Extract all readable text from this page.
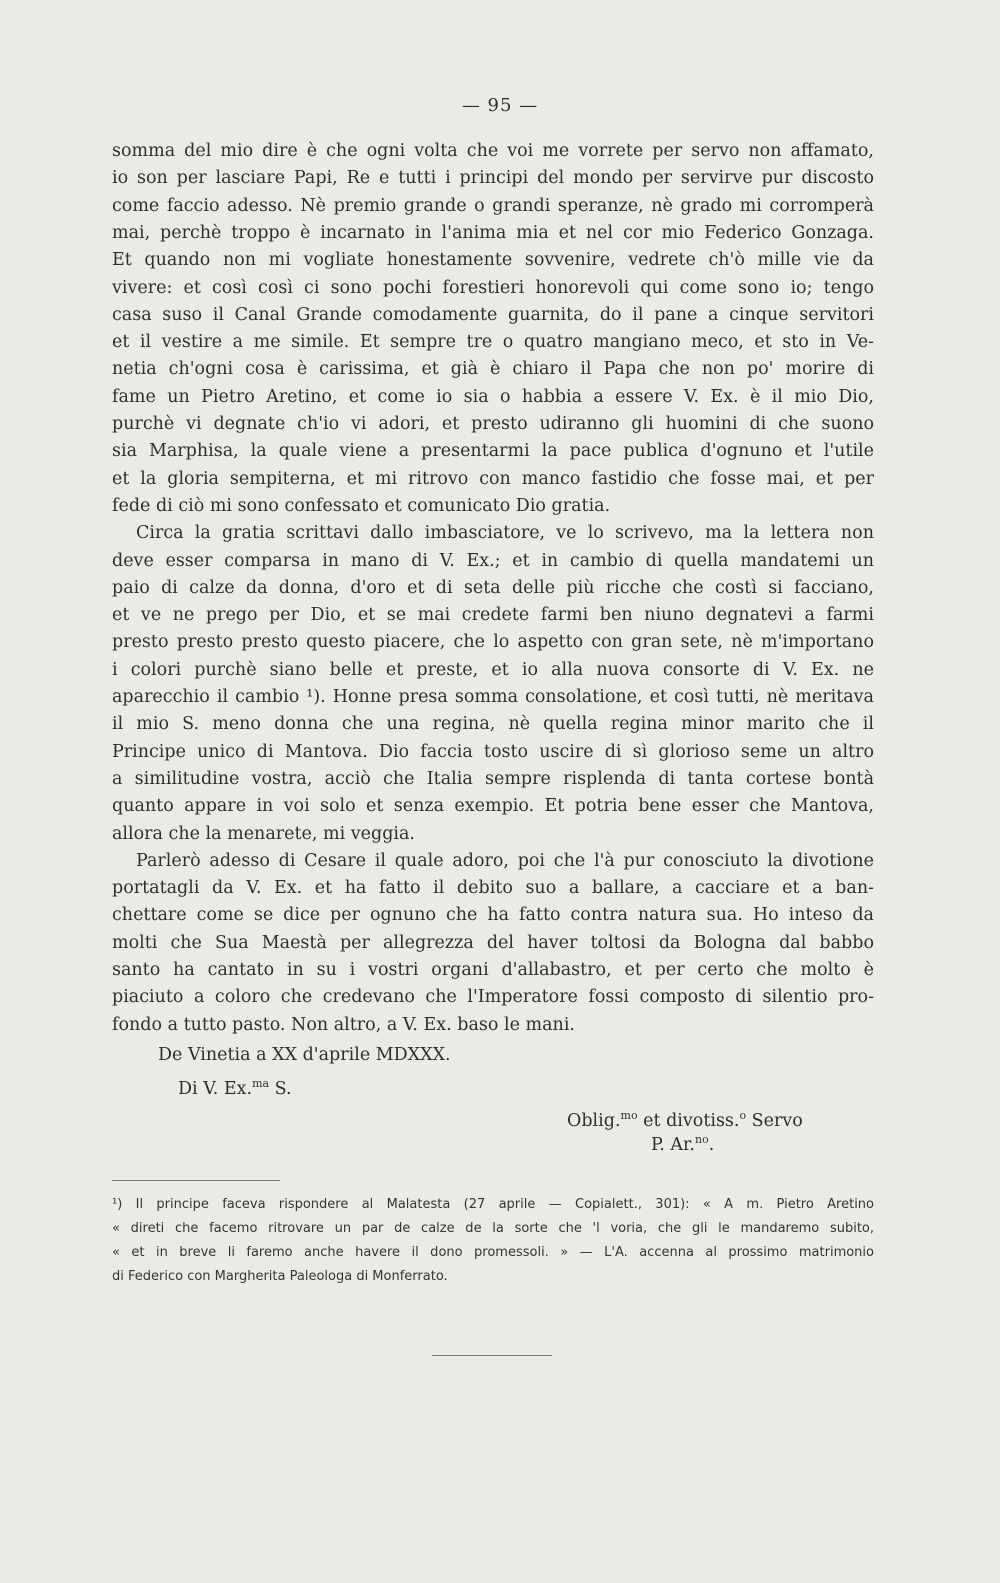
— 95 —
somma del mio dire è che ogni volta che voi me vorrete per servo non affamato,
io son per lasciare Papi, Re e tutti i principi del mondo per servirve pur discosto
come faccio adesso. Nè premio grande o grandi speranze, nè grado mi corromperà
mai, perchè troppo è incarnato in l'anima mia et nel cor mio Federico Gonzaga.
Et quando non mi vogliate honestamente sovvenire, vedrete ch'ò mille vie da
vivere: et così così ci sono pochi forestieri honorevoli qui come sono io; tengo
casa suso il Canal Grande comodamente guarnita, do il pane a cinque servitori
et il vestire a me simile. Et sempre tre o quatro mangiano meco, et sto in Ve-
netia ch'ogni cosa è carissima, et già è chiaro il Papa che non po' morire di
fame un Pietro Aretino, et come io sia o habbia a essere V. Ex. è il mio Dio,
purchè vi degnate ch'io vi adori, et presto udiranno gli huomini di che suono
sia Marphisa, la quale viene a presentarmi la pace publica d'ognuno et l'utile
et la gloria sempiterna, et mi ritrovo con manco fastidio che fosse mai, et per
fede di ciò mi sono confessato et comunicato Dio gratia.
Circa la gratia scrittavi dallo imbasciatore, ve lo scrivevo, ma la lettera non
deve esser comparsa in mano di V. Ex.; et in cambio di quella mandatemi un
paio di calze da donna, d'oro et di seta delle più ricche che costì si facciano,
et ve ne prego per Dio, et se mai credete farmi ben niuno degnatevi a farmi
presto presto presto questo piacere, che lo aspetto con gran sete, nè m'importano
i colori purchè siano belle et preste, et io alla nuova consorte di V. Ex. ne
aparecchio il cambio ¹). Honne presa somma consolatione, et così tutti, nè meritava
il mio S. meno donna che una regina, nè quella regina minor marito che il
Principe unico di Mantova. Dio faccia tosto uscire di sì glorioso seme un altro
a similitudine vostra, acciò che Italia sempre risplenda di tanta cortese bontà
quanto appare in voi solo et senza exempio. Et potria bene esser che Mantova,
allora che la menarete, mi veggia.
Parlerò adesso di Cesare il quale adoro, poi che l'à pur conosciuto la divotione
portatagli da V. Ex. et ha fatto il debito suo a ballare, a cacciare et a ban-
chettare come se dice per ognuno che ha fatto contra natura sua. Ho inteso da
molti che Sua Maestà per allegrezza del haver toltosi da Bologna dal babbo
santo ha cantato in su i vostri organi d'allabastro, et per certo che molto è
piaciuto a coloro che credevano che l'Imperatore fossi composto di silentio pro-
fondo a tutto pasto. Non altro, a V. Ex. baso le mani.
De Vinetia a XX d'aprile MDXXX.
Di V. Ex.$^{ma}$ S.
Oblig.$^{mo}$ et divotiss.$^o$ Servo
P. Ar.$^{no}$.
¹) Il principe faceva rispondere al Malatesta (27 aprile — Copialett., 301): « A m. Pietro Aretino
« direti che facemo ritrovare un par de calze de la sorte che 'l voria, che gli le mandaremo subito,
« et in breve li faremo anche havere il dono promessoli. » — L'A. accenna al prossimo matrimonio
di Federico con Margherita Paleologa di Monferrato.
